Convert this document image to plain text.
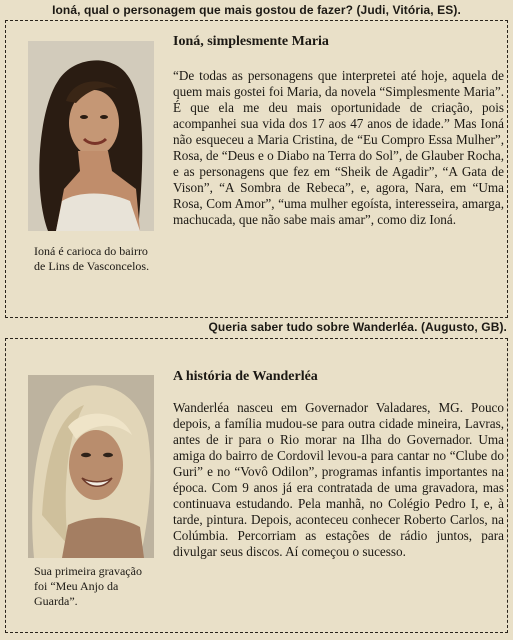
Ioná, qual o personagem que mais gostou de fazer? (Judi, Vitória, ES).
Ioná é carioca do bairro de Lins de Vasconcelos.
Ioná, simplesmente Maria
“De todas as personagens que interpretei até hoje, aquela de quem mais gostei foi Maria, da novela “Simplesmente Maria”. É que ela me deu mais oportunidade de criação, pois acompanhei sua vida dos 17 aos 47 anos de idade.” Mas Ioná não esqueceu a Maria Cristina, de “Eu Compro Essa Mulher”, Rosa, de “Deus e o Diabo na Terra do Sol”, de Glauber Rocha, e as personagens que fez em “Sheik de Agadir”, “A Gata de Vison”, “A Sombra de Rebeca”, e, agora, Nara, em “Uma Rosa, Com Amor”, “uma mulher egoísta, interesseira, amarga, machucada, que não sabe mais amar”, como diz Ioná.
Queria saber tudo sobre Wanderléa. (Augusto, GB).
Sua primeira gravação foi “Meu Anjo da Guarda”.
A história de Wanderléa
Wanderléa nasceu em Governador Valadares, MG. Pouco depois, a família mudou-se para outra cidade mineira, Lavras, antes de ir para o Rio morar na Ilha do Governador. Uma amiga do bairro de Cordovil levou-a para cantar no “Clube do Guri” e no “Vovô Odilon”, programas infantis importantes na época. Com 9 anos já era contratada de uma gravadora, mas continuava estudando. Pela manhã, no Colégio Pedro I, e, à tarde, pintura. Depois, aconteceu conhecer Roberto Carlos, na Colúmbia. Percorriam as estações de rádio juntos, para divulgar seus discos. Aí começou o sucesso.
